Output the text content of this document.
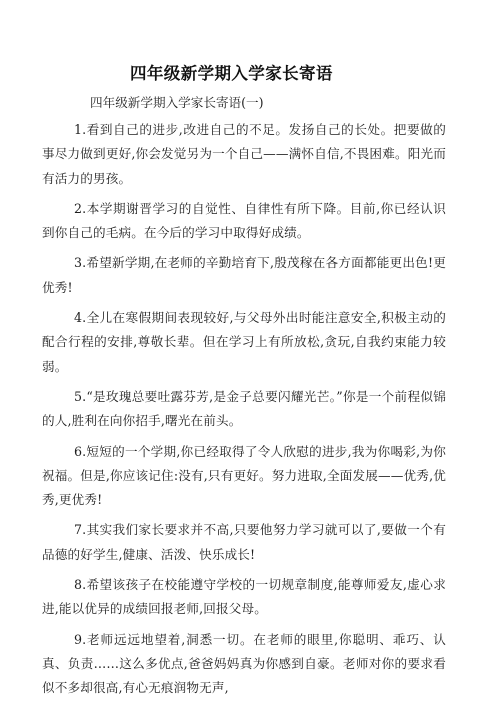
四年级新学期入学家长寄语
四年级新学期入学家长寄语(一)

1.看到自己的进步,改进自己的不足。发扬自己的长处。把要做的事尽力做到更好,你会发觉另为一个自己——满怀自信,不畏困难。阳光而有活力的男孩。

2.本学期谢晋学习的自觉性、自律性有所下降。目前,你已经认识到你自己的毛病。在今后的学习中取得好成绩。

3.希望新学期,在老师的辛勤培育下,殷茂稼在各方面都能更出色!更优秀!

4.全儿在寒假期间表现较好,与父母外出时能注意安全,积极主动的配合行程的安排,尊敬长辈。但在学习上有所放松,贪玩,自我约束能力较弱。

5.“是玫瑰总要吐露芬芳,是金子总要闪耀光芒。”你是一个前程似锦的人,胜利在向你招手,曙光在前头。

6.短短的一个学期,你已经取得了令人欣慰的进步,我为你喝彩,为你祝福。但是,你应该记住:没有,只有更好。努力进取,全面发展——优秀,优秀,更优秀!

7.其实我们家长要求并不高,只要他努力学习就可以了,要做一个有品德的好学生,健康、活泼、快乐成长!

8.希望该孩子在校能遵守学校的一切规章制度,能尊师爱友,虚心求进,能以优异的成绩回报老师,回报父母。

9.老师远远地望着,洞悉一切。在老师的眼里,你聪明、乖巧、认真、负责……这么多优点,爸爸妈妈真为你感到自豪。老师对你的要求看似不多却很高,有心无痕润物无声,
